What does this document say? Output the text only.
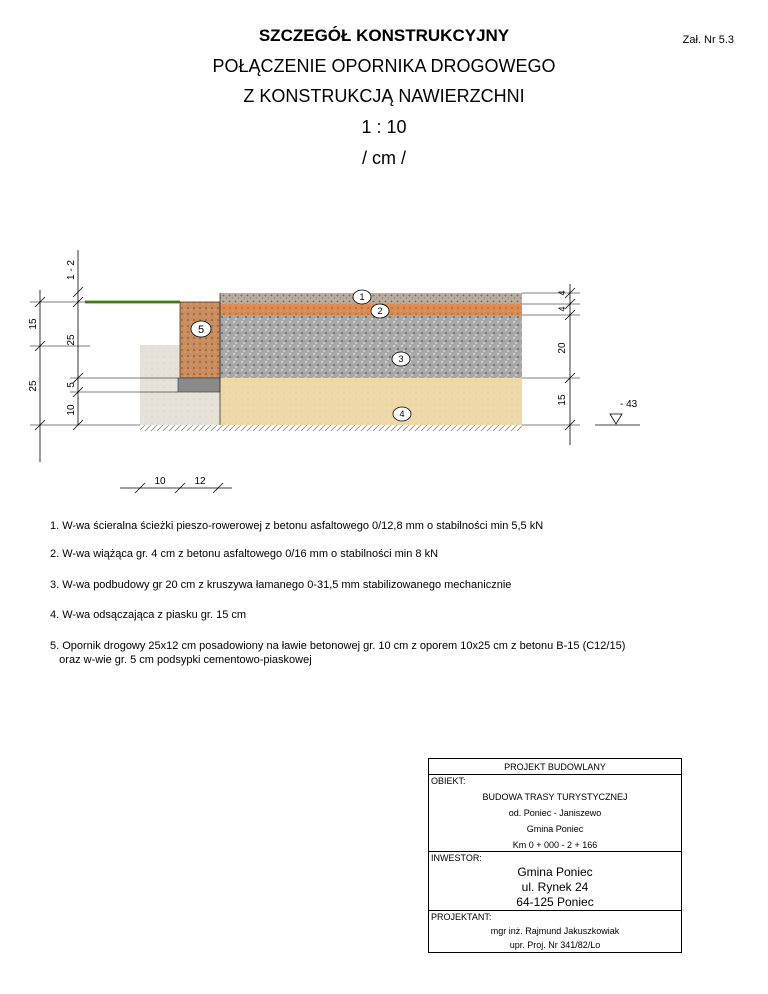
SZCZEGÓŁ KONSTRUKCYJNY	Zał. Nr 5.3
POŁĄCZENIE OPORNIKA DROGOWEGO
Z KONSTRUKCJĄ NAWIERZCHNI
1 : 10
/ cm /
15
25
25	5
10
1 - 2
4
4
20
15	- 43
10	12
1
2
3
4
5
1. W-wa ścieralna ścieżki pieszo-rowerowej z betonu asfaltowego 0/12,8 mm o stabilności min 5,5 kN
2. W-wa wiążąca gr. 4 cm z betonu asfaltowego 0/16 mm o stabilności min 8 kN
3. W-wa podbudowy gr 20 cm z kruszywa łamanego 0-31,5 mm stabilizowanego mechanicznie
4. W-wa odsączająca z piasku gr. 15 cm
5. Opornik drogowy 25x12 cm posadowiony na ławie betonowej gr. 10 cm z oporem 10x25 cm z betonu B-15 (C12/15)
oraz w-wie gr. 5 cm podsypki cementowo-piaskowej
PROJEKT BUDOWLANY
OBIEKT:
BUDOWA TRASY TURYSTYCZNEJ
od. Poniec - Janiszewo
Gmina Poniec
Km 0 + 000 - 2 + 166
INWESTOR:
Gmina Poniec
ul. Rynek 24
64-125 Poniec
PROJEKTANT:
mgr inż. Rajmund Jakuszkowiak
upr. Proj. Nr 341/82/Lo
